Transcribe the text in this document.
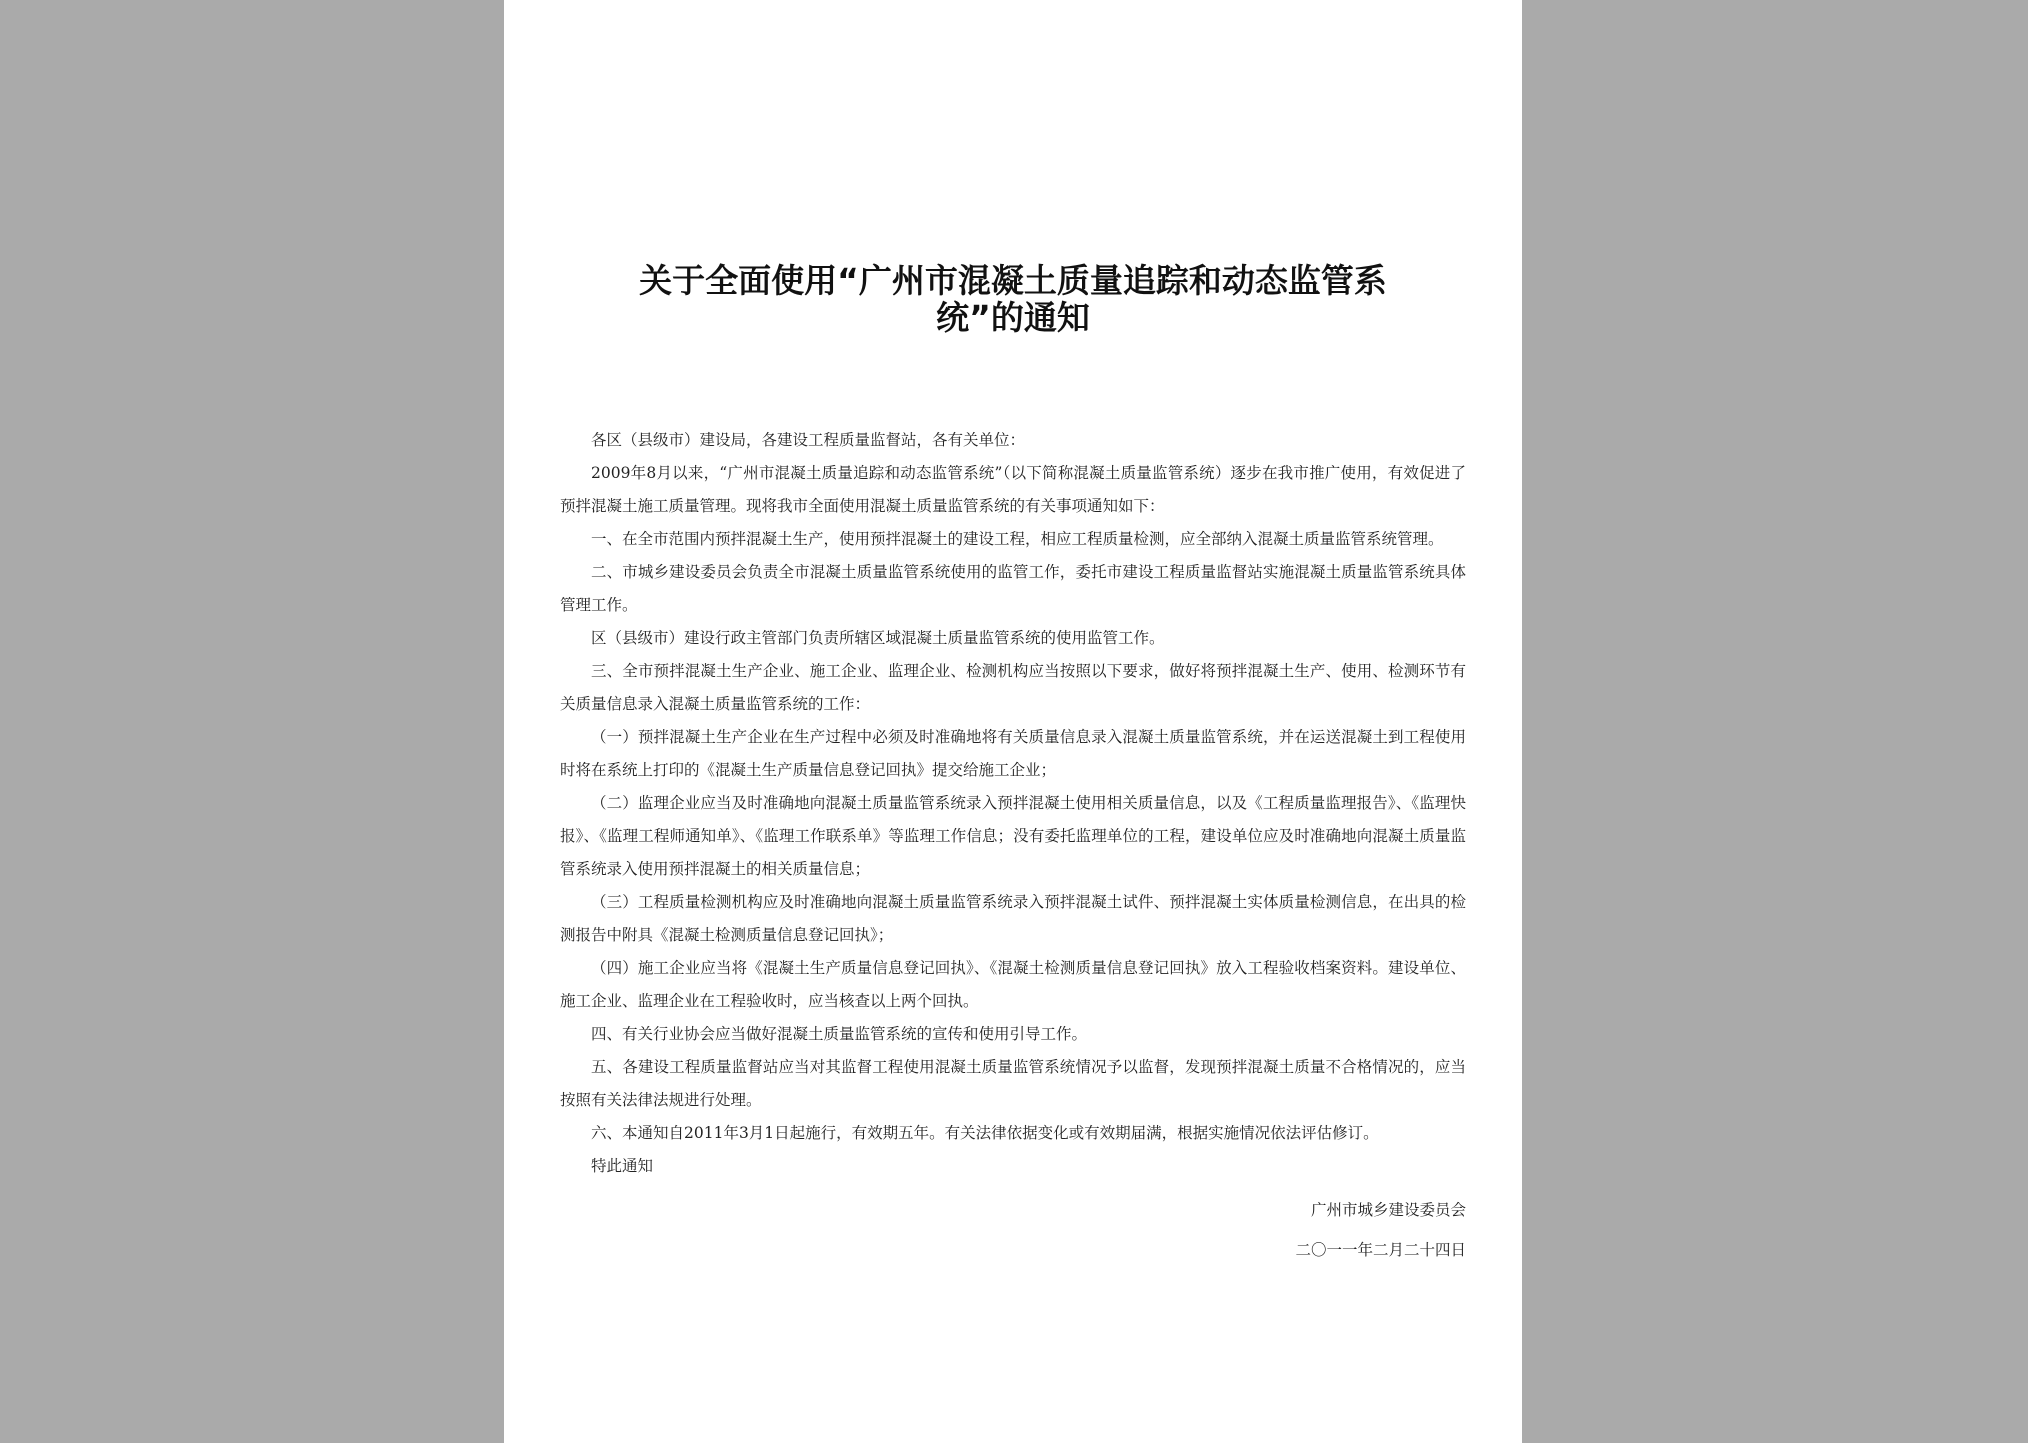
关于全面使用“广州市混凝土质量追踪和动态监管系
统”的通知

各区（县级市）建设局，各建设工程质量监督站，各有关单位：

2009年8月以来，“广州市混凝土质量追踪和动态监管系统”（以下简称混凝土质量监管系统）逐步在我市推广使用，有效促进了预拌混凝土施工质量管理。现将我市全面使用混凝土质量监管系统的有关事项通知如下：

一、在全市范围内预拌混凝土生产，使用预拌混凝土的建设工程，相应工程质量检测，应全部纳入混凝土质量监管系统管理。

二、市城乡建设委员会负责全市混凝土质量监管系统使用的监管工作，委托市建设工程质量监督站实施混凝土质量监管系统具体管理工作。

区（县级市）建设行政主管部门负责所辖区域混凝土质量监管系统的使用监管工作。

三、全市预拌混凝土生产企业、施工企业、监理企业、检测机构应当按照以下要求，做好将预拌混凝土生产、使用、检测环节有关质量信息录入混凝土质量监管系统的工作：

（一）预拌混凝土生产企业在生产过程中必须及时准确地将有关质量信息录入混凝土质量监管系统，并在运送混凝土到工程使用时将在系统上打印的《混凝土生产质量信息登记回执》提交给施工企业；

（二）监理企业应当及时准确地向混凝土质量监管系统录入预拌混凝土使用相关质量信息，以及《工程质量监理报告》、《监理快报》、《监理工程师通知单》、《监理工作联系单》等监理工作信息；没有委托监理单位的工程，建设单位应及时准确地向混凝土质量监管系统录入使用预拌混凝土的相关质量信息；

（三）工程质量检测机构应及时准确地向混凝土质量监管系统录入预拌混凝土试件、预拌混凝土实体质量检测信息，在出具的检测报告中附具《混凝土检测质量信息登记回执》；

（四）施工企业应当将《混凝土生产质量信息登记回执》、《混凝土检测质量信息登记回执》放入工程验收档案资料。建设单位、施工企业、监理企业在工程验收时，应当核查以上两个回执。

四、有关行业协会应当做好混凝土质量监管系统的宣传和使用引导工作。

五、各建设工程质量监督站应当对其监督工程使用混凝土质量监管系统情况予以监督，发现预拌混凝土质量不合格情况的，应当按照有关法律法规进行处理。

六、本通知自2011年3月1日起施行，有效期五年。有关法律依据变化或有效期届满，根据实施情况依法评估修订。

特此通知

广州市城乡建设委员会
二〇一一年二月二十四日
